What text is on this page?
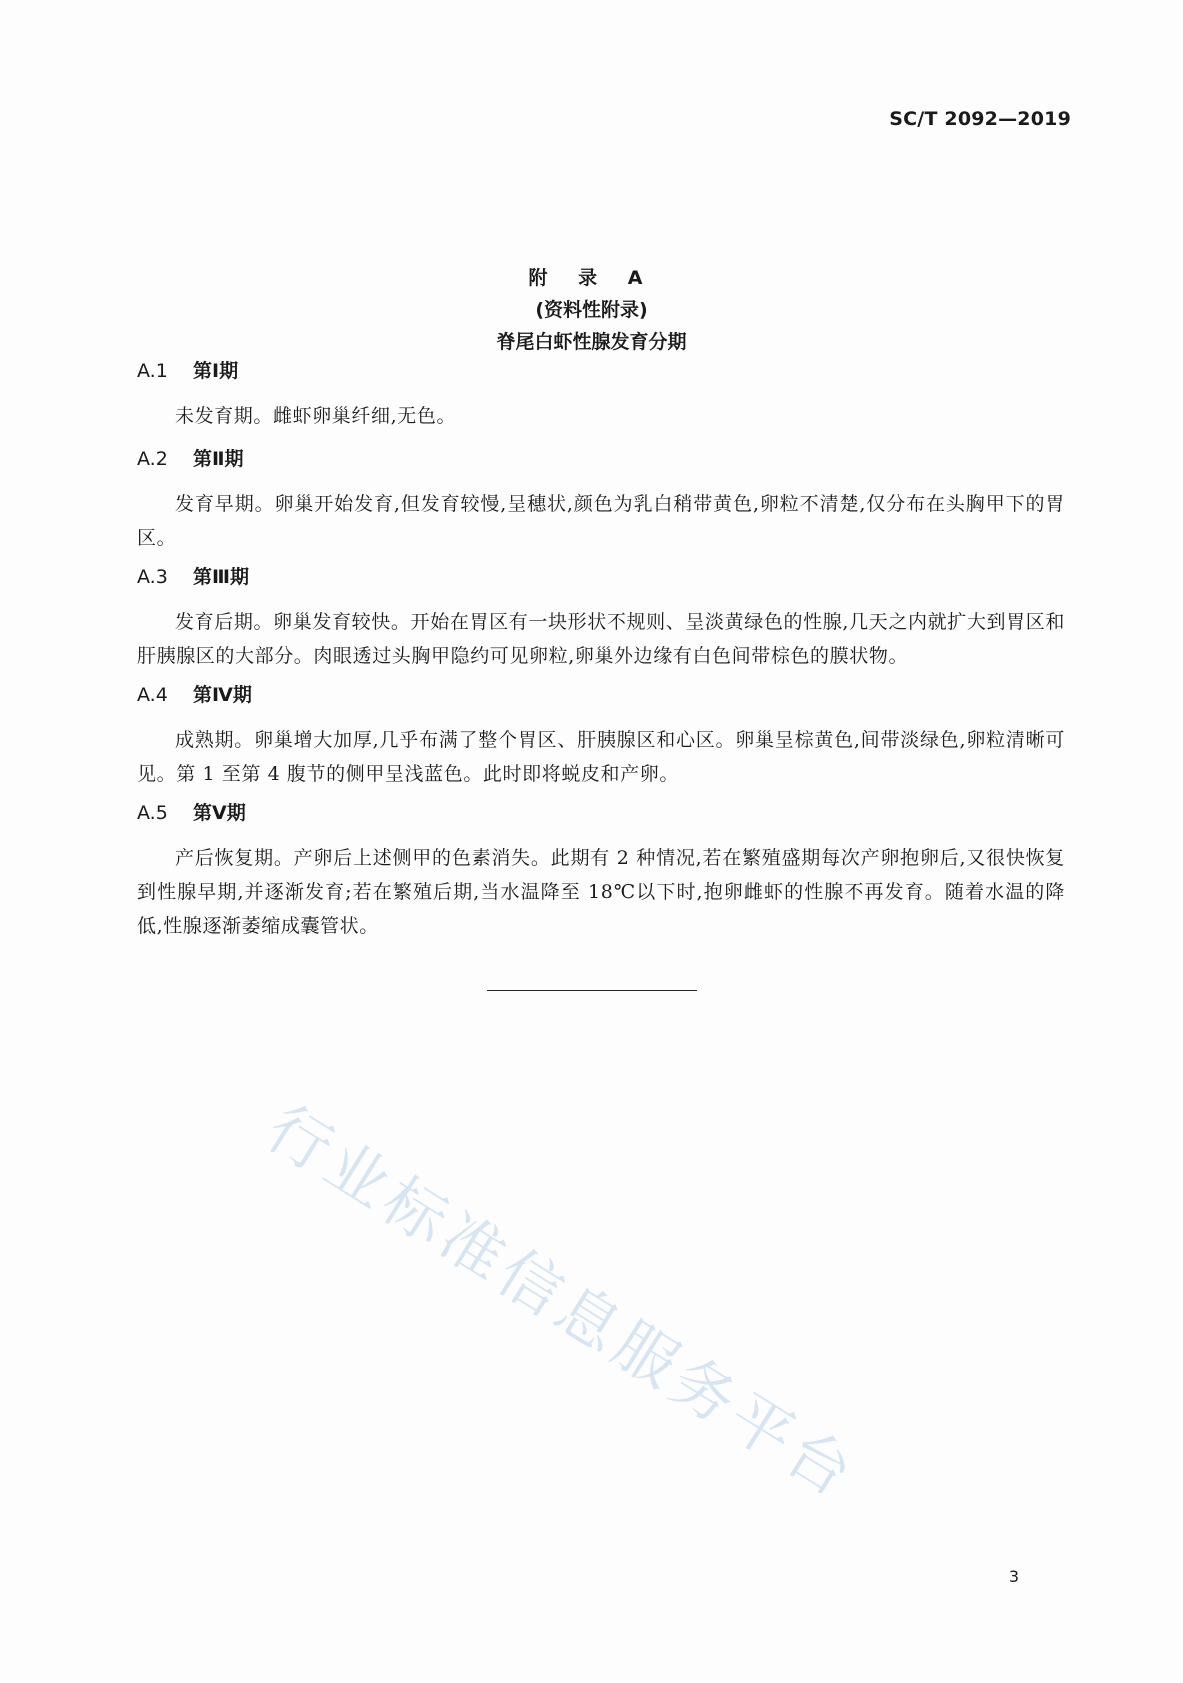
SC/T 2092—2019
附 录 A
(资料性附录)
脊尾白虾性腺发育分期
A.1	第Ⅰ期
未发育期。雌虾卵巢纤细,无色。
A.2	第Ⅱ期
发育早期。卵巢开始发育,但发育较慢,呈穗状,颜色为乳白稍带黄色,卵粒不清楚,仅分布在头胸甲下的胃区。
A.3	第Ⅲ期
发育后期。卵巢发育较快。开始在胃区有一块形状不规则、呈淡黄绿色的性腺,几天之内就扩大到胃区和肝胰腺区的大部分。肉眼透过头胸甲隐约可见卵粒,卵巢外边缘有白色间带棕色的膜状物。
A.4	第Ⅳ期
成熟期。卵巢增大加厚,几乎布满了整个胃区、肝胰腺区和心区。卵巢呈棕黄色,间带淡绿色,卵粒清晰可见。第 1 至第 4 腹节的侧甲呈浅蓝色。此时即将蜕皮和产卵。
A.5	第Ⅴ期
产后恢复期。产卵后上述侧甲的色素消失。此期有 2 种情况,若在繁殖盛期每次产卵抱卵后,又很快恢复到性腺早期,并逐渐发育;若在繁殖后期,当水温降至 18℃以下时,抱卵雌虾的性腺不再发育。随着水温的降低,性腺逐渐萎缩成囊管状。
行业标准信息服务平台
3
